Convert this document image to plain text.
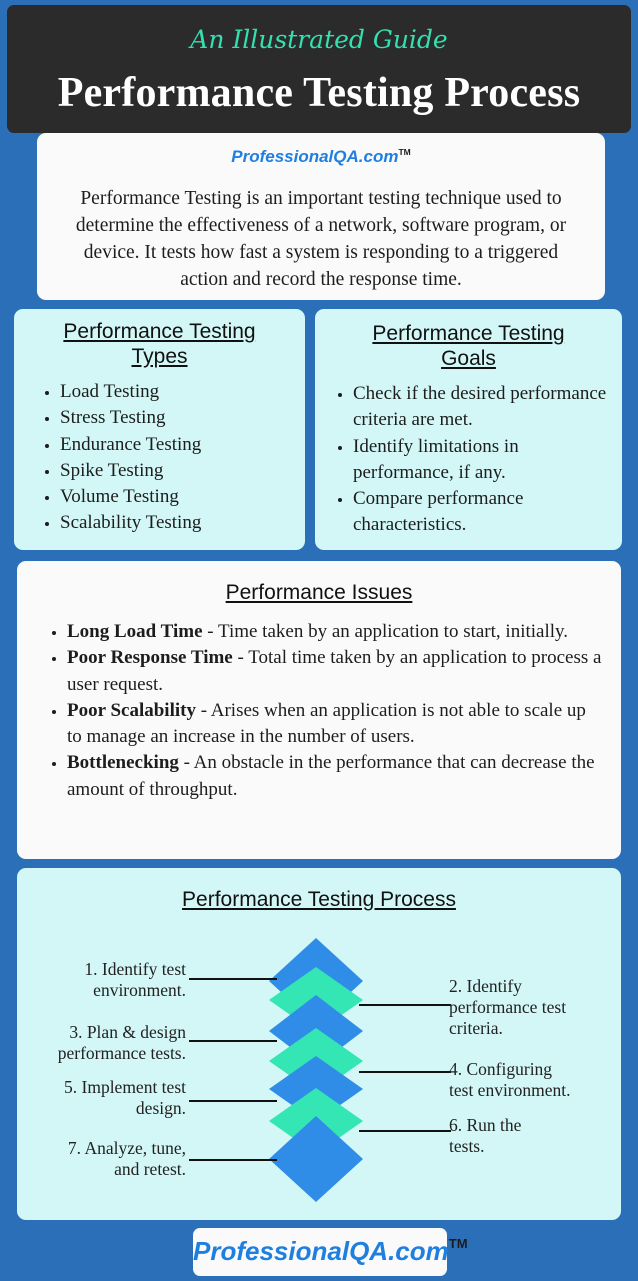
An Illustrated Guide
Performance Testing Process
ProfessionalQA.com™
Performance Testing is an important testing technique used to determine the effectiveness of a network, software program, or device. It tests how fast a system is responding to a triggered action and record the response time.
Performance Testing
Types
• Load Testing
• Stress Testing
• Endurance Testing
• Spike Testing
• Volume Testing
• Scalability Testing
Performance Testing
Goals
• Check if the desired performance criteria are met.
• Identify limitations in performance, if any.
• Compare performance characteristics.
Performance Issues
• Long Load Time - Time taken by an application to start, initially.
• Poor Response Time - Total time taken by an application to process a user request.
• Poor Scalability - Arises when an application is not able to scale up to manage an increase in the number of users.
• Bottlenecking - An obstacle in the performance that can decrease the amount of throughput.
Performance Testing Process
1. Identify test
environment.	2. Identify
performance test
criteria.
3. Plan & design
performance tests.
4. Configuring
test environment.
5. Implement test
design.
6. Run the
tests.
7. Analyze, tune,
and retest.
ProfessionalQA.com™
